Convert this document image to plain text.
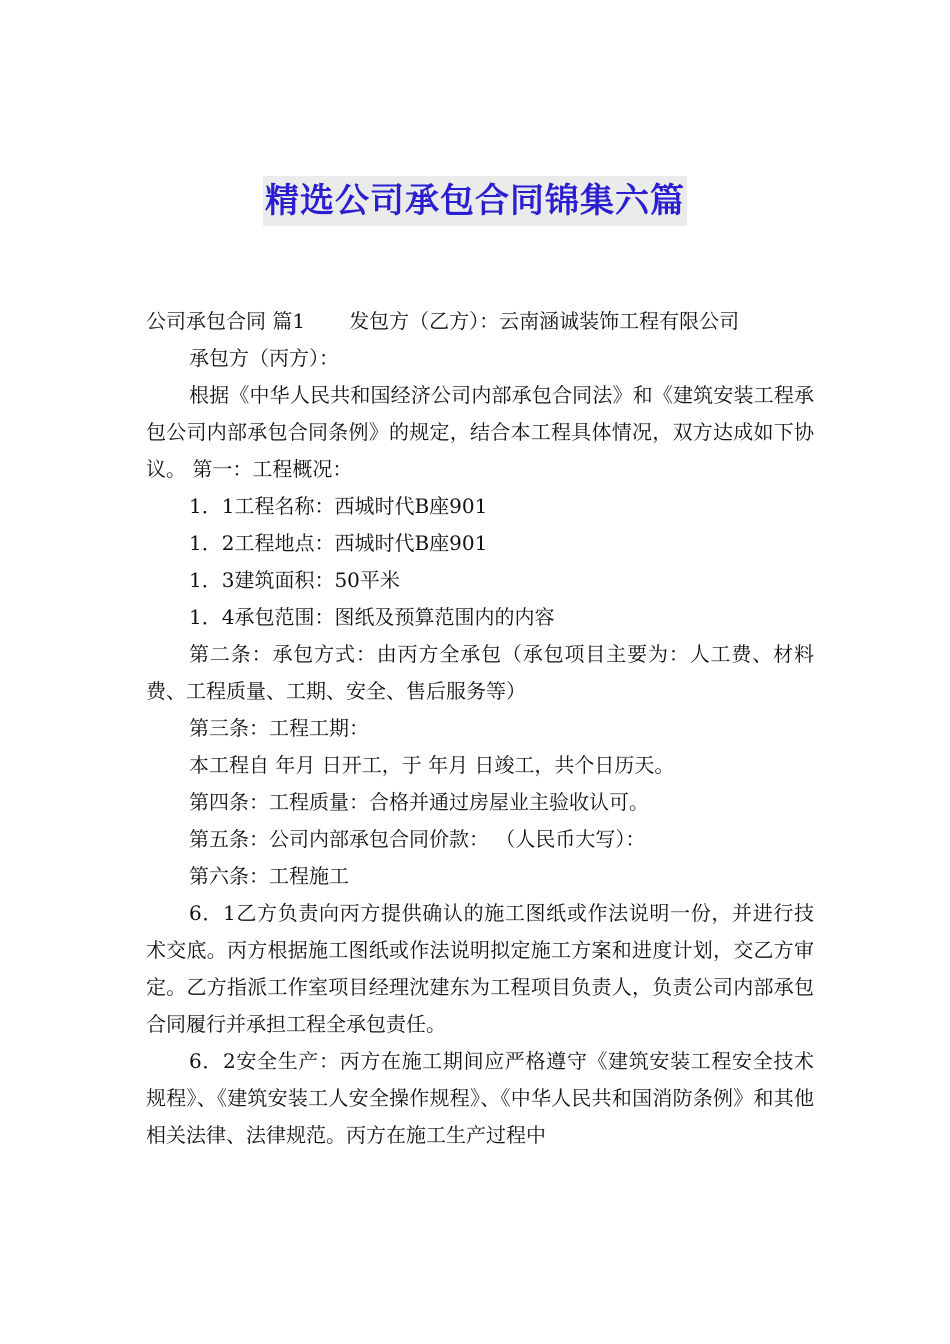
精选公司承包合同锦集六篇

公司承包合同 篇1 发包方（乙方）：云南涵诚装饰工程有限公司

承包方（丙方）：

根据《中华人民共和国经济公司内部承包合同法》和《建筑安装工程承包公司内部承包合同条例》的规定，结合本工程具体情况，双方达成如下协议。 第一：工程概况：

1．1工程名称：西城时代B座901

1．2工程地点：西城时代B座901

1．3建筑面积：50平米

1．4承包范围：图纸及预算范围内的内容

第二条：承包方式：由丙方全承包（承包项目主要为：人工费、材料费、工程质量、工期、安全、售后服务等）

第三条：工程工期：

本工程自 年月 日开工，于 年月 日竣工，共个日历天。

第四条：工程质量：合格并通过房屋业主验收认可。

第五条：公司内部承包合同价款： （人民币大写）：

第六条：工程施工

6．1乙方负责向丙方提供确认的施工图纸或作法说明一份，并进行技术交底。丙方根据施工图纸或作法说明拟定施工方案和进度计划，交乙方审定。乙方指派工作室项目经理沈建东为工程项目负责人，负责公司内部承包合同履行并承担工程全承包责任。

6．2安全生产：丙方在施工期间应严格遵守《建筑安装工程安全技术规程》、《建筑安装工人安全操作规程》、《中华人民共和国消防条例》和其他相关法律、法律规范。丙方在施工生产过程中
